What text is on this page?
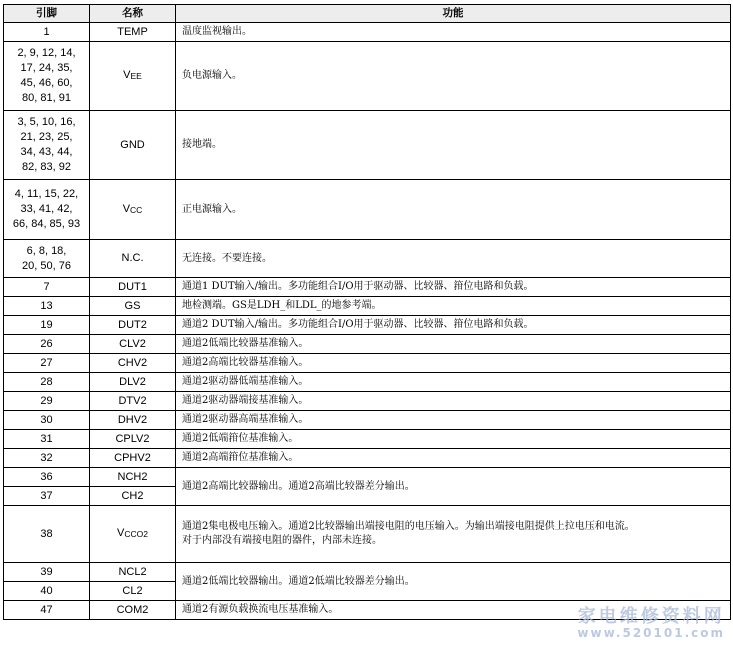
引脚	名称	功能
1	TEMP	温度监视输出。

2, 9, 12, 14,
17, 24, 35,
45, 46, 60,
80, 81, 91	$V_{EE}$	负电源输入。

3, 5, 10, 16,
21, 23, 25,
34, 43, 44,
82, 83, 92	GND	接地端。

4, 11, 15, 22,
33, 41, 42,
66, 84, 85, 93	$V_{CC}$	正电源输入。

6, 8, 18,
20, 50, 76	N.C.	无连接。不要连接。
7	DUT1	通道1 DUT输入/输出。多功能组合I/O用于驱动器、比较器、箝位电路和负载。
13	GS	地检测端。GS是LDH_和LDL_的地参考端。
19	DUT2	通道2 DUT输入/输出。多功能组合I/O用于驱动器、比较器、箝位电路和负载。
26	CLV2	通道2低端比较器基准输入。
27	CHV2	通道2高端比较器基准输入。
28	DLV2	通道2驱动器低端基准输入。
29	DTV2	通道2驱动器端接基准输入。
30	DHV2	通道2驱动器高端基准输入。
31	CPLV2	通道2低端箝位基准输入。
32	CPHV2	通道2高端箝位基准输入。
36	NCH2	通道2高端比较器输出。通道2高端比较器差分输出。
37	CH2	
38	$V_{CCO2}$	通道2集电极电压输入。通道2比较器输出端接电阻的电压输入。为输出端接电阻提供上拉电压和电流。
对于内部没有端接电阻的器件，内部未连接。

39	NCL2	通道2低端比较器输出。通道2低端比较器差分输出。
40	CL2	
47	COM2	通道2有源负载换流电压基准输入。	家电维修资料网
www.520101.com
